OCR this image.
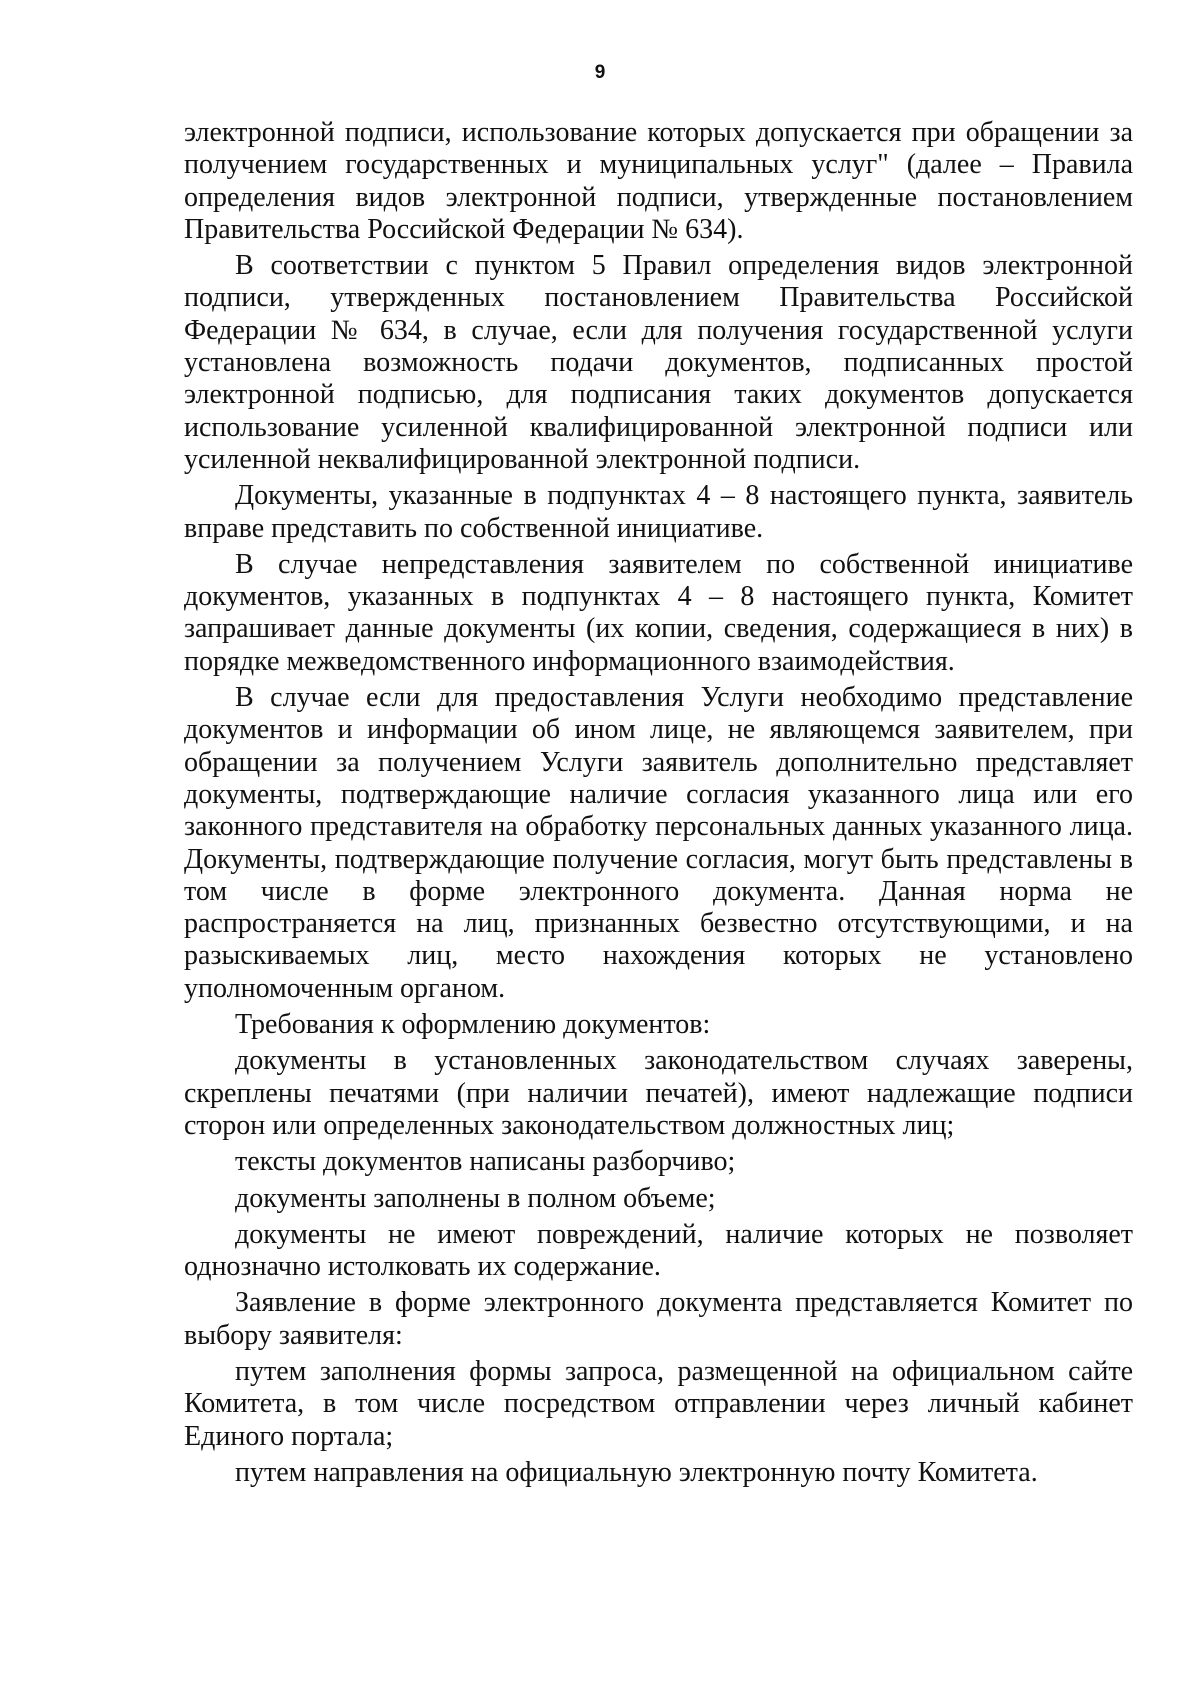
9

электронной подписи, использование которых допускается при обращении за получением государственных и муниципальных услуг" (далее – Правила определения видов электронной подписи, утвержденные постановлением Правительства Российской Федерации № 634).

В соответствии с пунктом 5 Правил определения видов электронной подписи, утвержденных постановлением Правительства Российской Федерации № 634, в случае, если для получения государственной услуги установлена возможность подачи документов, подписанных простой электронной подписью, для подписания таких документов допускается использование усиленной квалифицированной электронной подписи или усиленной неквалифицированной электронной подписи.

Документы, указанные в подпунктах 4 – 8 настоящего пункта, заявитель вправе представить по собственной инициативе.

В случае непредставления заявителем по собственной инициативе документов, указанных в подпунктах 4 – 8 настоящего пункта, Комитет запрашивает данные документы (их копии, сведения, содержащиеся в них) в порядке межведомственного информационного взаимодействия.

В случае если для предоставления Услуги необходимо представление документов и информации об ином лице, не являющемся заявителем, при обращении за получением Услуги заявитель дополнительно представляет документы, подтверждающие наличие согласия указанного лица или его законного представителя на обработку персональных данных указанного лица. Документы, подтверждающие получение согласия, могут быть представлены в том числе в форме электронного документа. Данная норма не распространяется на лиц, признанных безвестно отсутствующими, и на разыскиваемых лиц, место нахождения которых не установлено уполномоченным органом.

Требования к оформлению документов:

документы в установленных законодательством случаях заверены, скреплены печатями (при наличии печатей), имеют надлежащие подписи сторон или определенных законодательством должностных лиц;

тексты документов написаны разборчиво;

документы заполнены в полном объеме;

документы не имеют повреждений, наличие которых не позволяет однозначно истолковать их содержание.

Заявление в форме электронного документа представляется Комитет по выбору заявителя:

путем заполнения формы запроса, размещенной на официальном сайте Комитета, в том числе посредством отправлении через личный кабинет Единого портала;

путем направления на официальную электронную почту Комитета.
